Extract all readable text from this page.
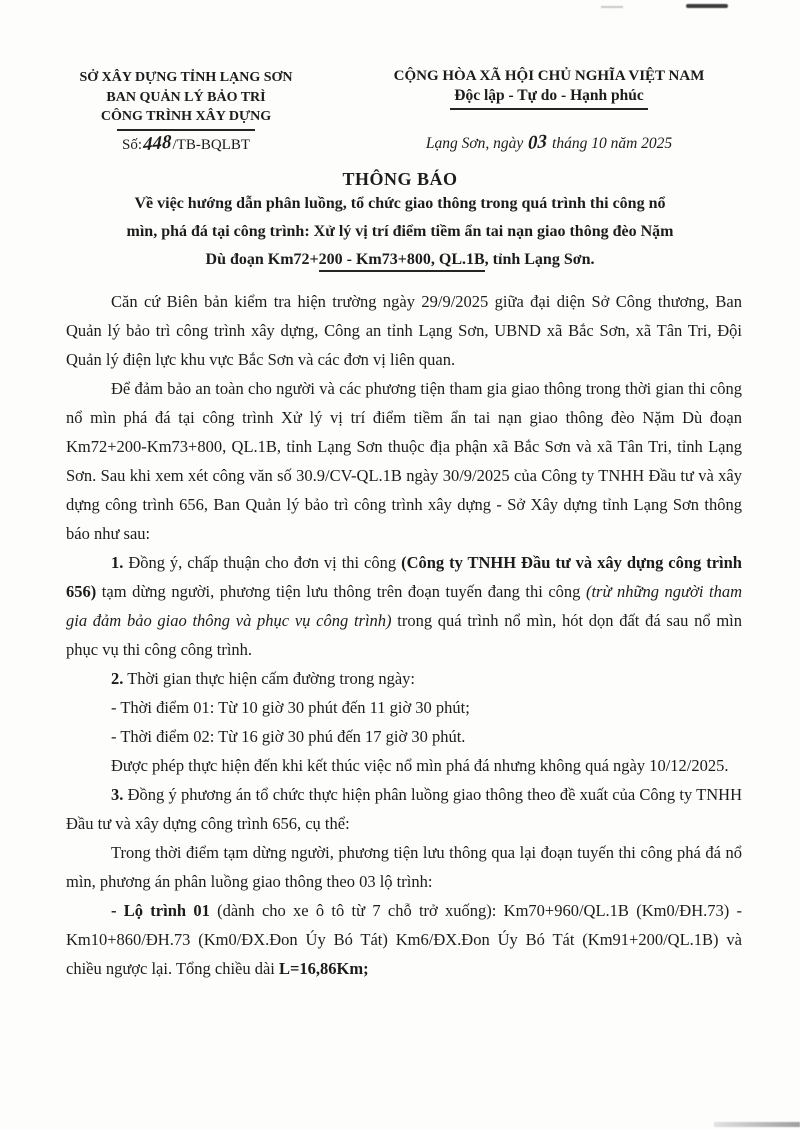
SỞ XÂY DỰNG TỈNH LẠNG SƠN
BAN QUẢN LÝ BẢO TRÌ
CÔNG TRÌNH XÂY DỰNG
Số:448/TB-BQLBT
CỘNG HÒA XÃ HỘI CHỦ NGHĨA VIỆT NAM
Độc lập - Tự do - Hạnh phúc
Lạng Sơn, ngày 03 tháng 10 năm 2025
THÔNG BÁO
Về việc hướng dẫn phân luồng, tổ chức giao thông trong quá trình thi công nổ
mìn, phá đá tại công trình: Xử lý vị trí điểm tiềm ẩn tai nạn giao thông đèo Nặm
Dù đoạn Km72+200 - Km73+800, QL.1B, tỉnh Lạng Sơn.

Căn cứ Biên bản kiểm tra hiện trường ngày 29/9/2025 giữa đại diện Sở Công thương, Ban Quản lý bảo trì công trình xây dựng, Công an tỉnh Lạng Sơn, UBND xã Bắc Sơn, xã Tân Tri, Đội Quản lý điện lực khu vực Bắc Sơn và các đơn vị liên quan.

Để đảm bảo an toàn cho người và các phương tiện tham gia giao thông trong thời gian thi công nổ mìn phá đá tại công trình Xử lý vị trí điểm tiềm ẩn tai nạn giao thông đèo Nặm Dù đoạn Km72+200-Km73+800, QL.1B, tỉnh Lạng Sơn thuộc địa phận xã Bắc Sơn và xã Tân Tri, tỉnh Lạng Sơn. Sau khi xem xét công văn số 30.9/CV-QL.1B ngày 30/9/2025 của Công ty TNHH Đầu tư và xây dựng công trình 656, Ban Quản lý bảo trì công trình xây dựng - Sở Xây dựng tỉnh Lạng Sơn thông báo như sau:

1. Đồng ý, chấp thuận cho đơn vị thi công (Công ty TNHH Đầu tư và xây dựng công trình 656) tạm dừng người, phương tiện lưu thông trên đoạn tuyến đang thi công (trừ những người tham gia đảm bảo giao thông và phục vụ công trình) trong quá trình nổ mìn, hót dọn đất đá sau nổ mìn phục vụ thi công công trình.

2. Thời gian thực hiện cấm đường trong ngày:

- Thời điểm 01: Từ 10 giờ 30 phút đến 11 giờ 30 phút;

- Thời điểm 02: Từ 16 giờ 30 phú đến 17 giờ 30 phút.

Được phép thực hiện đến khi kết thúc việc nổ mìn phá đá nhưng không quá ngày 10/12/2025.

3. Đồng ý phương án tổ chức thực hiện phân luồng giao thông theo đề xuất của Công ty TNHH Đầu tư và xây dựng công trình 656, cụ thể:

Trong thời điểm tạm dừng người, phương tiện lưu thông qua lại đoạn tuyến thi công phá đá nổ mìn, phương án phân luồng giao thông theo 03 lộ trình:

- Lộ trình 01 (dành cho xe ô tô từ 7 chỗ trở xuống): Km70+960/QL.1B (Km0/ĐH.73) - Km10+860/ĐH.73 (Km0/ĐX.Đon Úy Bó Tát) Km6/ĐX.Đon Úy Bó Tát (Km91+200/QL.1B) và chiều ngược lại. Tổng chiều dài L=16,86Km;
